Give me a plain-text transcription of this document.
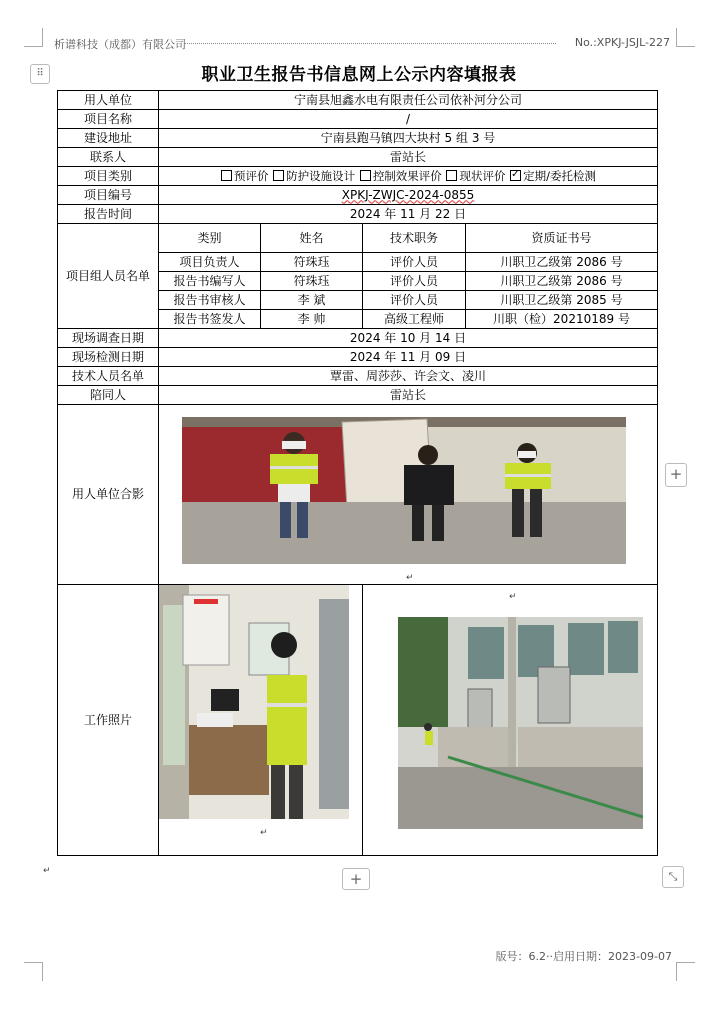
析谱科技（成都）有限公司	No.:XPKJ-JSJL-227
⠿
+
+	⤡
职业卫生报告书信息网上公示内容填报表
用人单位	宁南县旭鑫水电有限责任公司依补河分公司			
项目名称	/			
建设地址	宁南县跑马镇四大块村 5 组 3 号			
联系人	雷站长			
项目类别	预评价 防护设施设计 控制效果评价 现状评价 ✓ 定期/委托检测
项目编号	XPKJ-ZWJC-2024-0855			
报告时间	2024 年 11 月 22 日			
项目组人员名单	类别	姓名	技术职务	资质证书号
	项目负责人	符珠珏	评价人员	川职卫乙级第 2086 号
	报告书编写人	符珠珏	评价人员	川职卫乙级第 2086 号
	报告书审核人	李 斌	评价人员	川职卫乙级第 2085 号
	报告书签发人	李 帅	高级工程师	川职（检）20210189 号
现场调查日期	2024 年 10 月 14 日			
现场检测日期	2024 年 11 月 09 日			
技术人员名单	覃雷、周莎莎、许会文、凌川			
陪同人	雷站长			
用人单位合影	↵			

工作照片	↵		↵	
↵
版号：6.2··启用日期：2023-09-07
